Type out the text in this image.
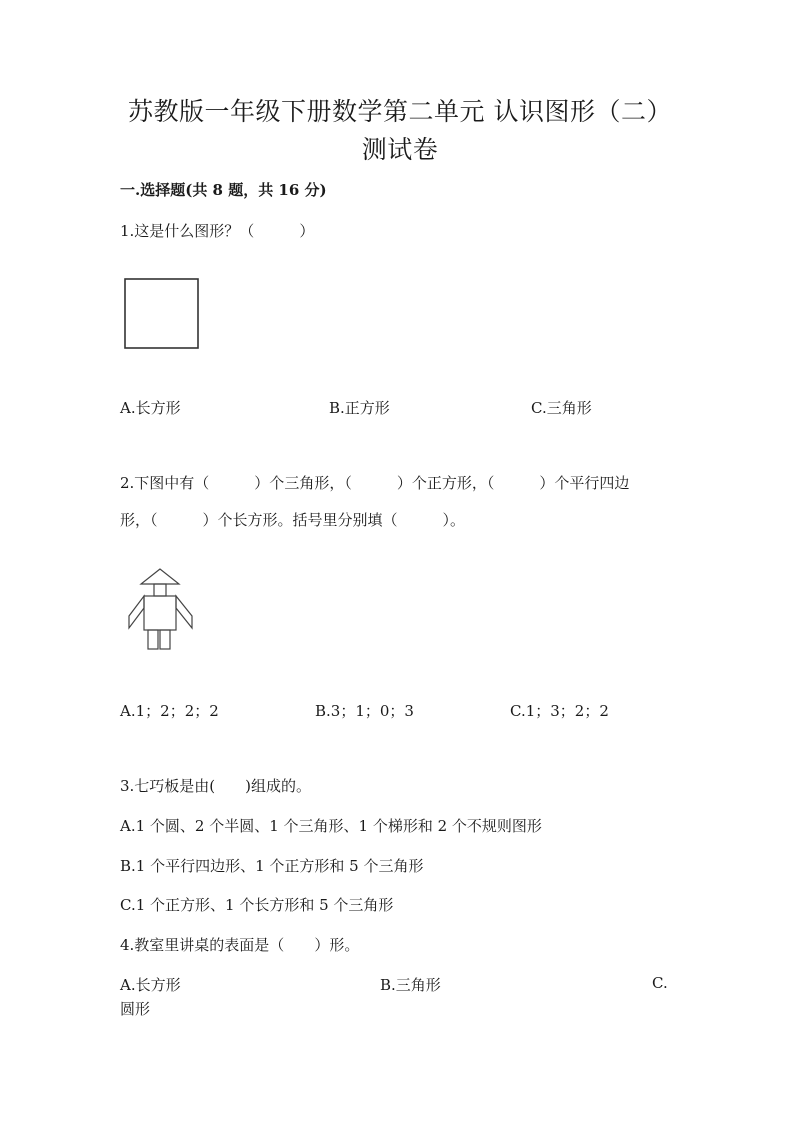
苏教版一年级下册数学第二单元 认识图形（二）
测试卷
一.选择题(共 8 题，共 16 分)
1.这是什么图形？（　　　）
A.长方形	B.正方形	C.三角形
2.下图中有（　　　）个三角形，（　　　）个正方形，（　　　）个平行四边
形，（　　　）个长方形。括号里分别填（　　　）。
A.1；2；2；2	B.3；1；0；3	C.1；3；2；2
3.七巧板是由(　　)组成的。
A.1 个圆、2 个半圆、1 个三角形、1 个梯形和 2 个不规则图形
B.1 个平行四边形、1 个正方形和 5 个三角形
C.1 个正方形、1 个长方形和 5 个三角形
4.教室里讲桌的表面是（　　）形。
A.长方形	B.三角形	C.
圆形
